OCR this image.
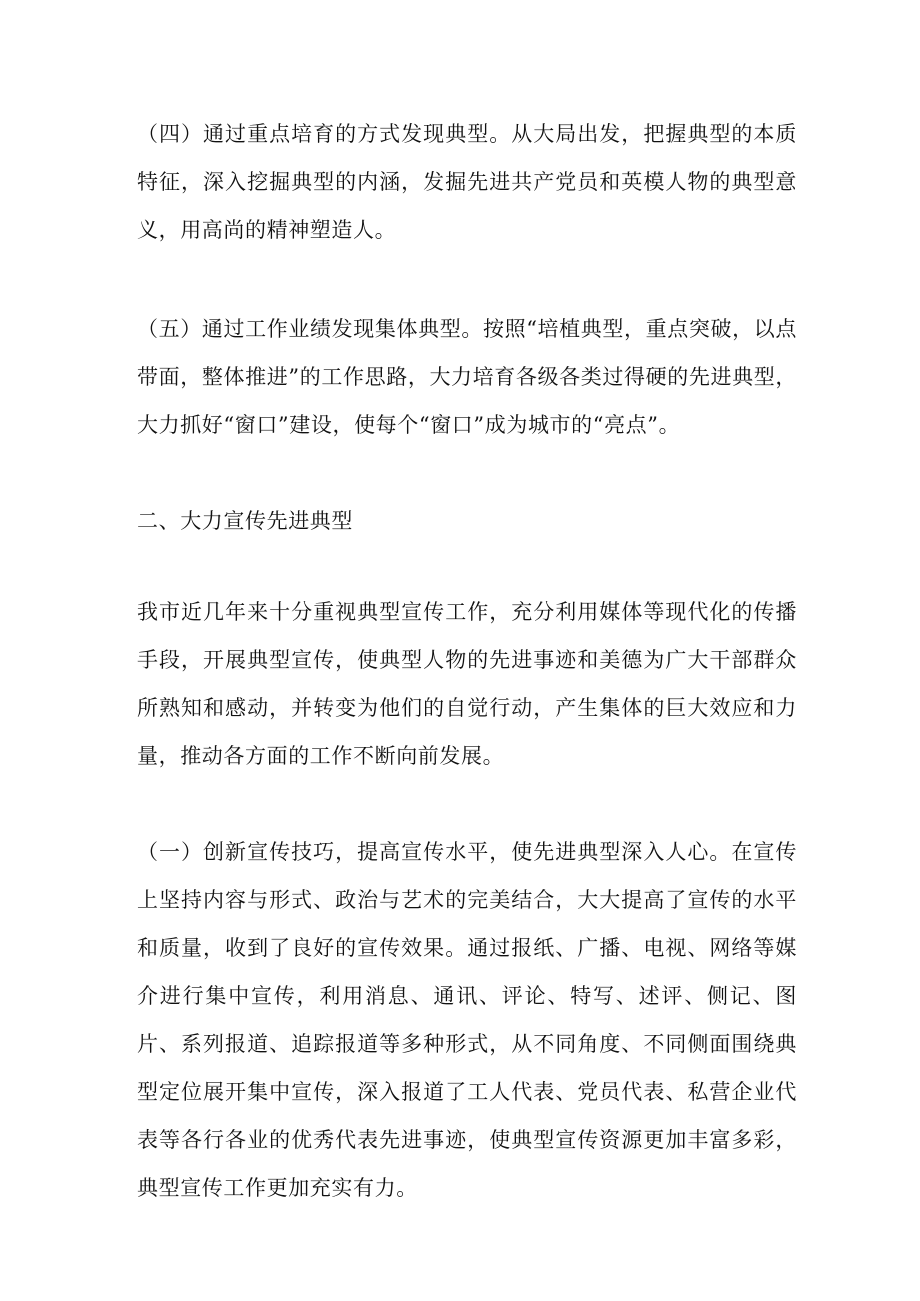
（四）通过重点培育的方式发现典型。从大局出发，把握典型的本质特征，深入挖掘典型的内涵，发掘先进共产党员和英模人物的典型意义，用高尚的精神塑造人。

（五）通过工作业绩发现集体典型。按照“培植典型，重点突破，以点带面，整体推进”的工作思路，大力培育各级各类过得硬的先进典型，大力抓好“窗口”建设，使每个“窗口”成为城市的“亮点”。

二、大力宣传先进典型

我市近几年来十分重视典型宣传工作，充分利用媒体等现代化的传播手段，开展典型宣传，使典型人物的先进事迹和美德为广大干部群众所熟知和感动，并转变为他们的自觉行动，产生集体的巨大效应和力量，推动各方面的工作不断向前发展。

（一）创新宣传技巧，提高宣传水平，使先进典型深入人心。在宣传上坚持内容与形式、政治与艺术的完美结合，大大提高了宣传的水平和质量，收到了良好的宣传效果。通过报纸、广播、电视、网络等媒介进行集中宣传，利用消息、通讯、评论、特写、述评、侧记、图片、系列报道、追踪报道等多种形式，从不同角度、不同侧面围绕典型定位展开集中宣传，深入报道了工人代表、党员代表、私营企业代表等各行各业的优秀代表先进事迹，使典型宣传资源更加丰富多彩，典型宣传工作更加充实有力。
